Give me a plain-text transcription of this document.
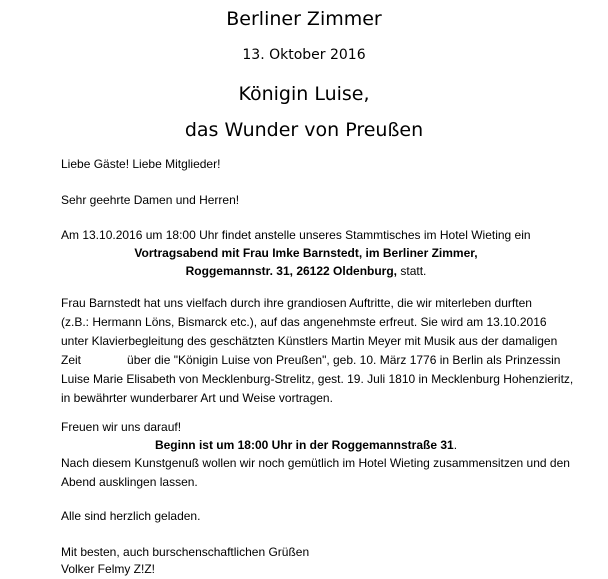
Berliner Zimmer
13. Oktober 2016
Königin Luise,
das Wunder von Preußen
Liebe Gäste! Liebe Mitglieder!
Sehr geehrte Damen und Herren!
Am 13.10.2016 um 18:00 Uhr findet anstelle unseres Stammtisches im Hotel Wieting ein
Vortragsabend mit Frau Imke Barnstedt, im Berliner Zimmer,
Roggemannstr. 31, 26122 Oldenburg, statt.
Frau Barnstedt hat uns vielfach durch ihre grandiosen Auftritte, die wir miterleben durften
(z.B.: Hermann Löns, Bismarck etc.), auf das angenehmste erfreut. Sie wird am 13.10.2016
unter Klavierbegleitung des geschätzten Künstlers Martin Meyer mit Musik aus der damaligen
Zeit	über die "Königin Luise von Preußen", geb. 10. März 1776 in Berlin als Prinzessin
Luise Marie Elisabeth von Mecklenburg-Strelitz, gest. 19. Juli 1810 in Mecklenburg Hohenzieritz,
in bewährter wunderbarer Art und Weise vortragen.
Freuen wir uns darauf!
Beginn ist um 18:00 Uhr in der Roggemannstraße 31.
Nach diesem Kunstgenuß wollen wir noch gemütlich im Hotel Wieting zusammensitzen und den
Abend ausklingen lassen.
Alle sind herzlich geladen.
Mit besten, auch burschenschaftlichen Grüßen
Volker Felmy Z!Z!
